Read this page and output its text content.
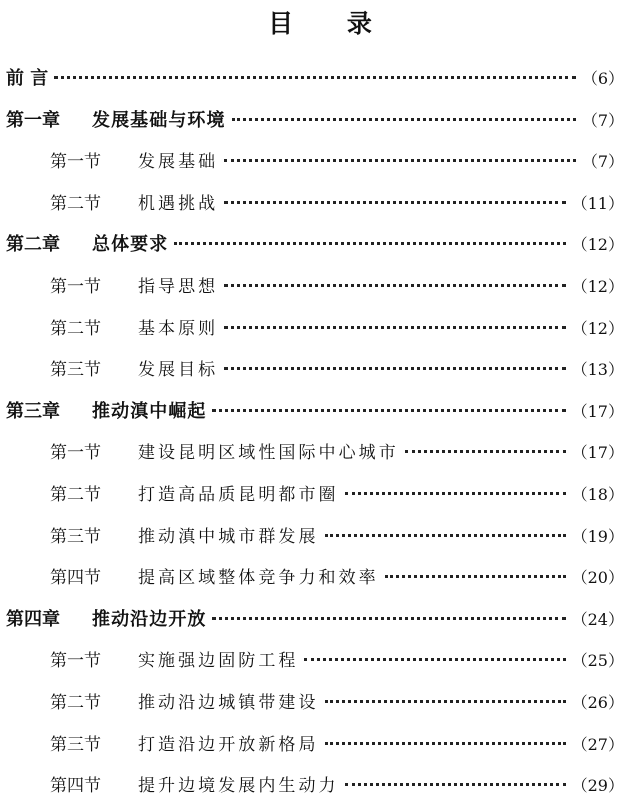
目 录
前 言	（6）
第一章	发展基础与环境	（7）
第一节	发展基础	（7）
第二节	机遇挑战	（11）
第二章	总体要求	（12）
第一节	指导思想	（12）
第二节	基本原则	（12）
第三节	发展目标	（13）
第三章	推动滇中崛起	（17）
第一节	建设昆明区域性国际中心城市	（17）
第二节	打造高品质昆明都市圈	（18）
第三节	推动滇中城市群发展	（19）
第四节	提高区域整体竞争力和效率	（20）
第四章	推动沿边开放	（24）
第一节	实施强边固防工程	（25）
第二节	推动沿边城镇带建设	（26）
第三节	打造沿边开放新格局	（27）
第四节	提升边境发展内生动力	（29）
